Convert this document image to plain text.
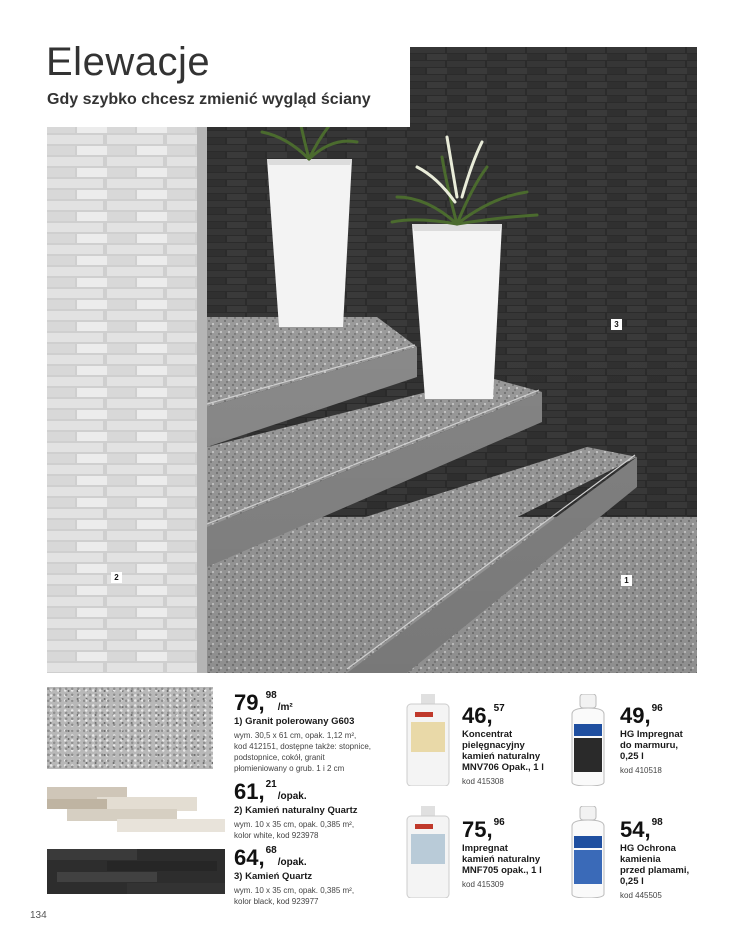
3
2	1
Elewacje
Gdy szybko chcesz zmienić wygląd ściany
79,98/m²
1) Granit polerowany G603
wym. 30,5 x 61 cm, opak. 1,12 m²,
kod 412151, dostępne także: stopnice,
podstopnice, cokół, granit
płomieniowany o grub. 1 i 2 cm
61,21/opak.
2) Kamień naturalny Quartz
wym. 10 x 35 cm, opak. 0,385 m²,
kolor white, kod 923978
64,68/opak.
3) Kamień Quartz
wym. 10 x 35 cm, opak. 0,385 m²,
kolor black, kod 923977
46,57
Koncentrat
pielęgnacyjny
kamień naturalny
MNV706 Opak., 1 l
kod 415308
49,96
HG Impregnat
do marmuru,
0,25 l
kod 410518
75,96
Impregnat
kamień naturalny
MNF705 opak., 1 l
kod 415309
54,98
HG Ochrona
kamienia
przed plamami,
0,25 l
kod 445505
134
